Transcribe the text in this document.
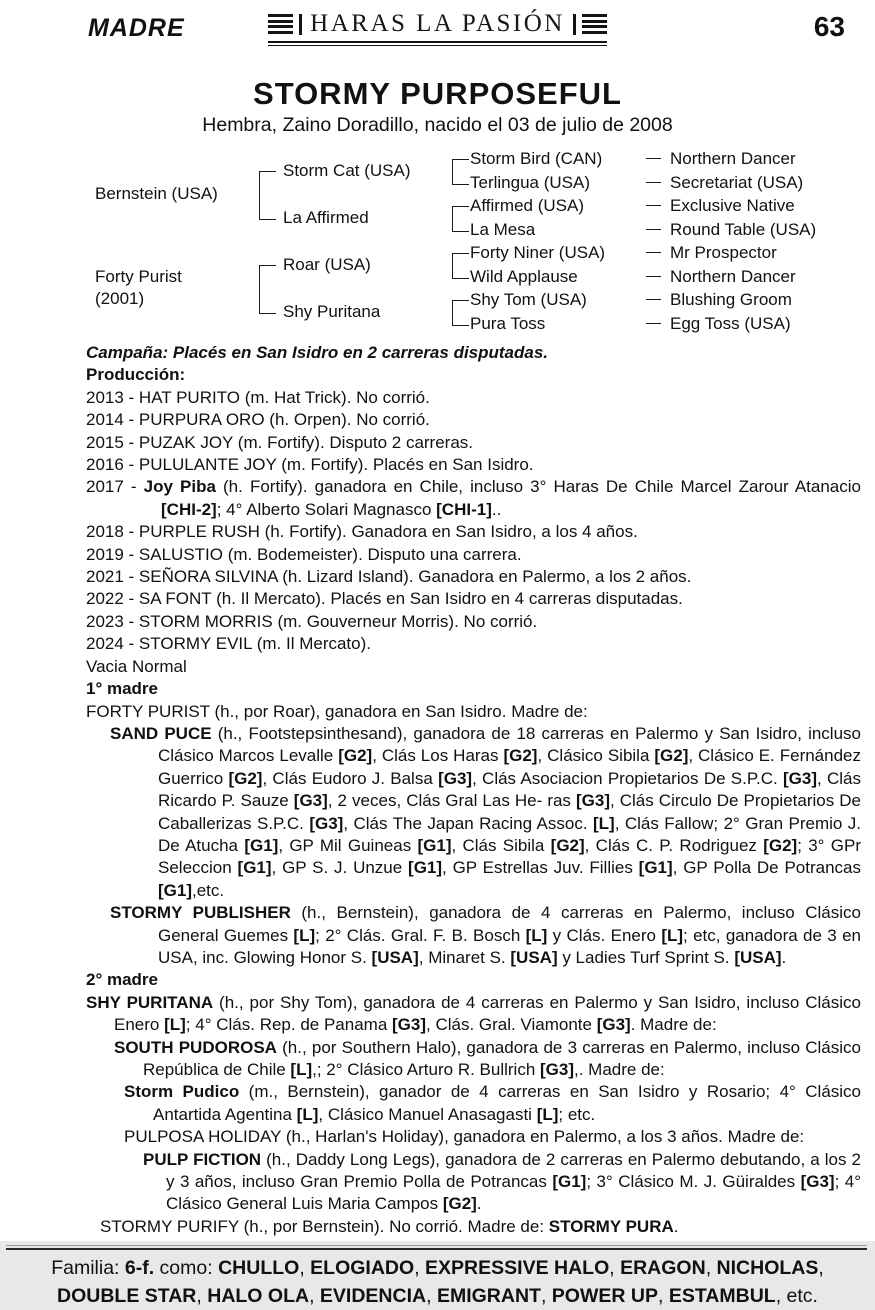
MADRE	HARAS LA PASIÓN	63
STORMY PURPOSEFUL
Hembra, Zaino Doradillo, nacido el 03 de julio de 2008
Northern Dancer
Secretariat (USA)
Exclusive Native
Round Table (USA)
Mr Prospector
Northern Dancer
Blushing Groom
Egg Toss (USA)
Storm Bird (CAN)
Terlingua (USA)
Affirmed (USA)
La Mesa
Forty Niner (USA)
Wild Applause
Shy Tom (USA)
Pura Toss
Storm Cat (USA)
La Affirmed
Roar (USA)
Shy Puritana
Bernstein (USA)
Forty Purist
(2001)

Campaña: Placés en San Isidro en 2 carreras disputadas.

Producción:

2013 - HAT PURITO (m. Hat Trick). No corrió.

2014 - PURPURA ORO (h. Orpen). No corrió.

2015 - PUZAK JOY (m. Fortify). Disputo 2 carreras.

2016 - PULULANTE JOY (m. Fortify). Placés en San Isidro.

2017 - Joy Piba (h. Fortify). ganadora en Chile, incluso 3° Haras De Chile Marcel Zarour Atanacio [CHI-2]; 4° Alberto Solari Magnasco [CHI-1]..

2018 - PURPLE RUSH (h. Fortify). Ganadora en San Isidro, a los 4 años.

2019 - SALUSTIO (m. Bodemeister). Disputo una carrera.

2021 - SEÑORA SILVINA (h. Lizard Island). Ganadora en Palermo, a los 2 años.

2022 - SA FONT (h. Il Mercato). Placés en San Isidro en 4 carreras disputadas.

2023 - STORM MORRIS (m. Gouverneur Morris). No corrió.

2024 - STORMY EVIL (m. Il Mercato).

Vacia Normal

1° madre

FORTY PURIST (h., por Roar), ganadora en San Isidro. Madre de:

SAND PUCE (h., Footstepsinthesand), ganadora de 18 carreras en Palermo y San Isidro, incluso Clásico Marcos Levalle [G2], Clás Los Haras [G2], Clásico Sibila [G2], Clásico E. Fernández Guerrico [G2], Clás Eudoro J. Balsa [G3], Clás Asociacion Propietarios De S.P.C. [G3], Clás Ricardo P. Sauze [G3], 2 veces, Clás Gral Las He- ras [G3], Clás Circulo De Propietarios De Caballerizas S.P.C. [G3], Clás The Japan Racing Assoc. [L], Clás Fallow; 2° Gran Premio J. De Atucha [G1], GP Mil Guineas [G1], Clás Sibila [G2], Clás C. P. Rodriguez [G2]; 3° GPr Seleccion [G1], GP S. J. Unzue [G1], GP Estrellas Juv. Fillies [G1], GP Polla De Potrancas [G1],etc.

STORMY PUBLISHER (h., Bernstein), ganadora de 4 carreras en Palermo, incluso Clásico General Guemes [L]; 2° Clás. Gral. F. B. Bosch [L] y Clás. Enero [L]; etc, ganadora de 3 en USA, inc. Glowing Honor S. [USA], Minaret S. [USA] y Ladies Turf Sprint S. [USA].

2° madre

SHY PURITANA (h., por Shy Tom), ganadora de 4 carreras en Palermo y San Isidro, incluso Clásico Enero [L]; 4° Clás. Rep. de Panama [G3], Clás. Gral. Viamonte [G3]. Madre de:

SOUTH PUDOROSA (h., por Southern Halo), ganadora de 3 carreras en Palermo, incluso Clásico República de Chile [L],; 2° Clásico Arturo R. Bullrich [G3],. Madre de:

Storm Pudico (m., Bernstein), ganador de 4 carreras en San Isidro y Rosario; 4° Clásico Antartida Agentina [L], Clásico Manuel Anasagasti [L]; etc.

PULPOSA HOLIDAY (h., Harlan's Holiday), ganadora en Palermo, a los 3 años. Madre de:

PULP FICTION (h., Daddy Long Legs), ganadora de 2 carreras en Palermo debutando, a los 2 y 3 años, incluso Gran Premio Polla de Potrancas [G1]; 3° Clásico M. J. Güiraldes [G3]; 4° Clásico General Luis Maria Campos [G2].

STORMY PURIFY (h., por Bernstein). No corrió. Madre de: STORMY PURA.

Familia: 6-f. como: CHULLO, ELOGIADO, EXPRESSIVE HALO, ERAGON, NICHOLAS, DOUBLE STAR, HALO OLA, EVIDENCIA, EMIGRANT, POWER UP, ESTAMBUL, etc.
